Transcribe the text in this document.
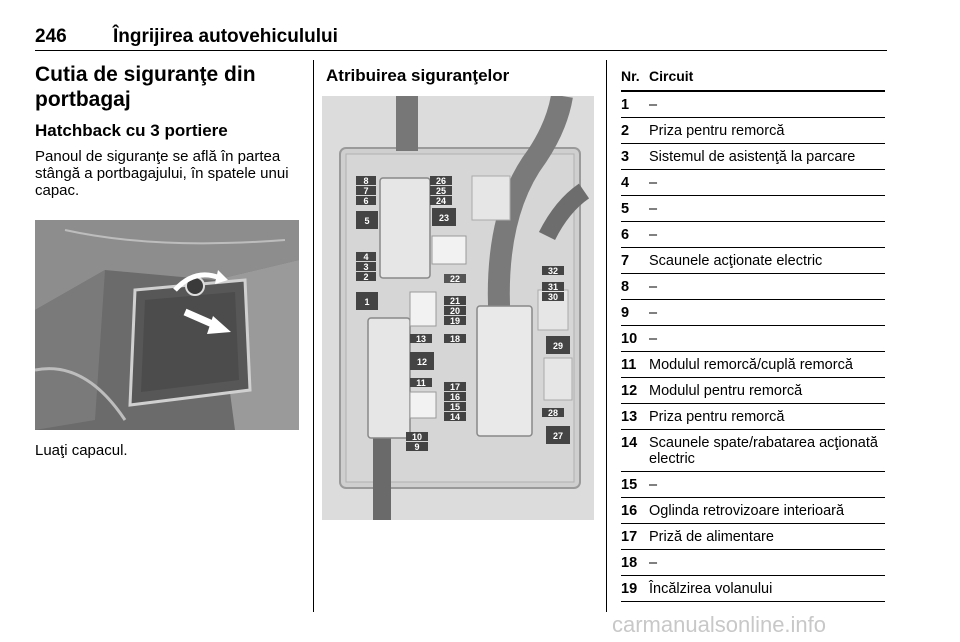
246 Îngrijirea autovehiculului
Cutia de siguranţe din portbagaj
Hatchback cu 3 portiere
Panoul de siguranţe se află în partea stângă a portbagajului, în spatele unui capac.
Luaţi capacul.
Atribuirea siguranţelor
8
7
6
5
26
25
24
23
4
3
2
1
22
21
20
19
13	18
12
11	17
16
15
14
10
9
32
31
30
29
28
27
Nr. Circuit
1 –
2 Priza pentru remorcă
3 Sistemul de asistenţă la parcare
4 –
5 –
6 –
7 Scaunele acţionate electric
8 –
9 –
10 –
11 Modulul remorcă/cuplă remorcă
12 Modulul pentru remorcă
13 Priza pentru remorcă
14 Scaunele spate/rabatarea acţionată electric
15 –
16 Oglinda retrovizoare interioară
17 Priză de alimentare
18 –
19 Încălzirea volanului
carmanualsonline.info
